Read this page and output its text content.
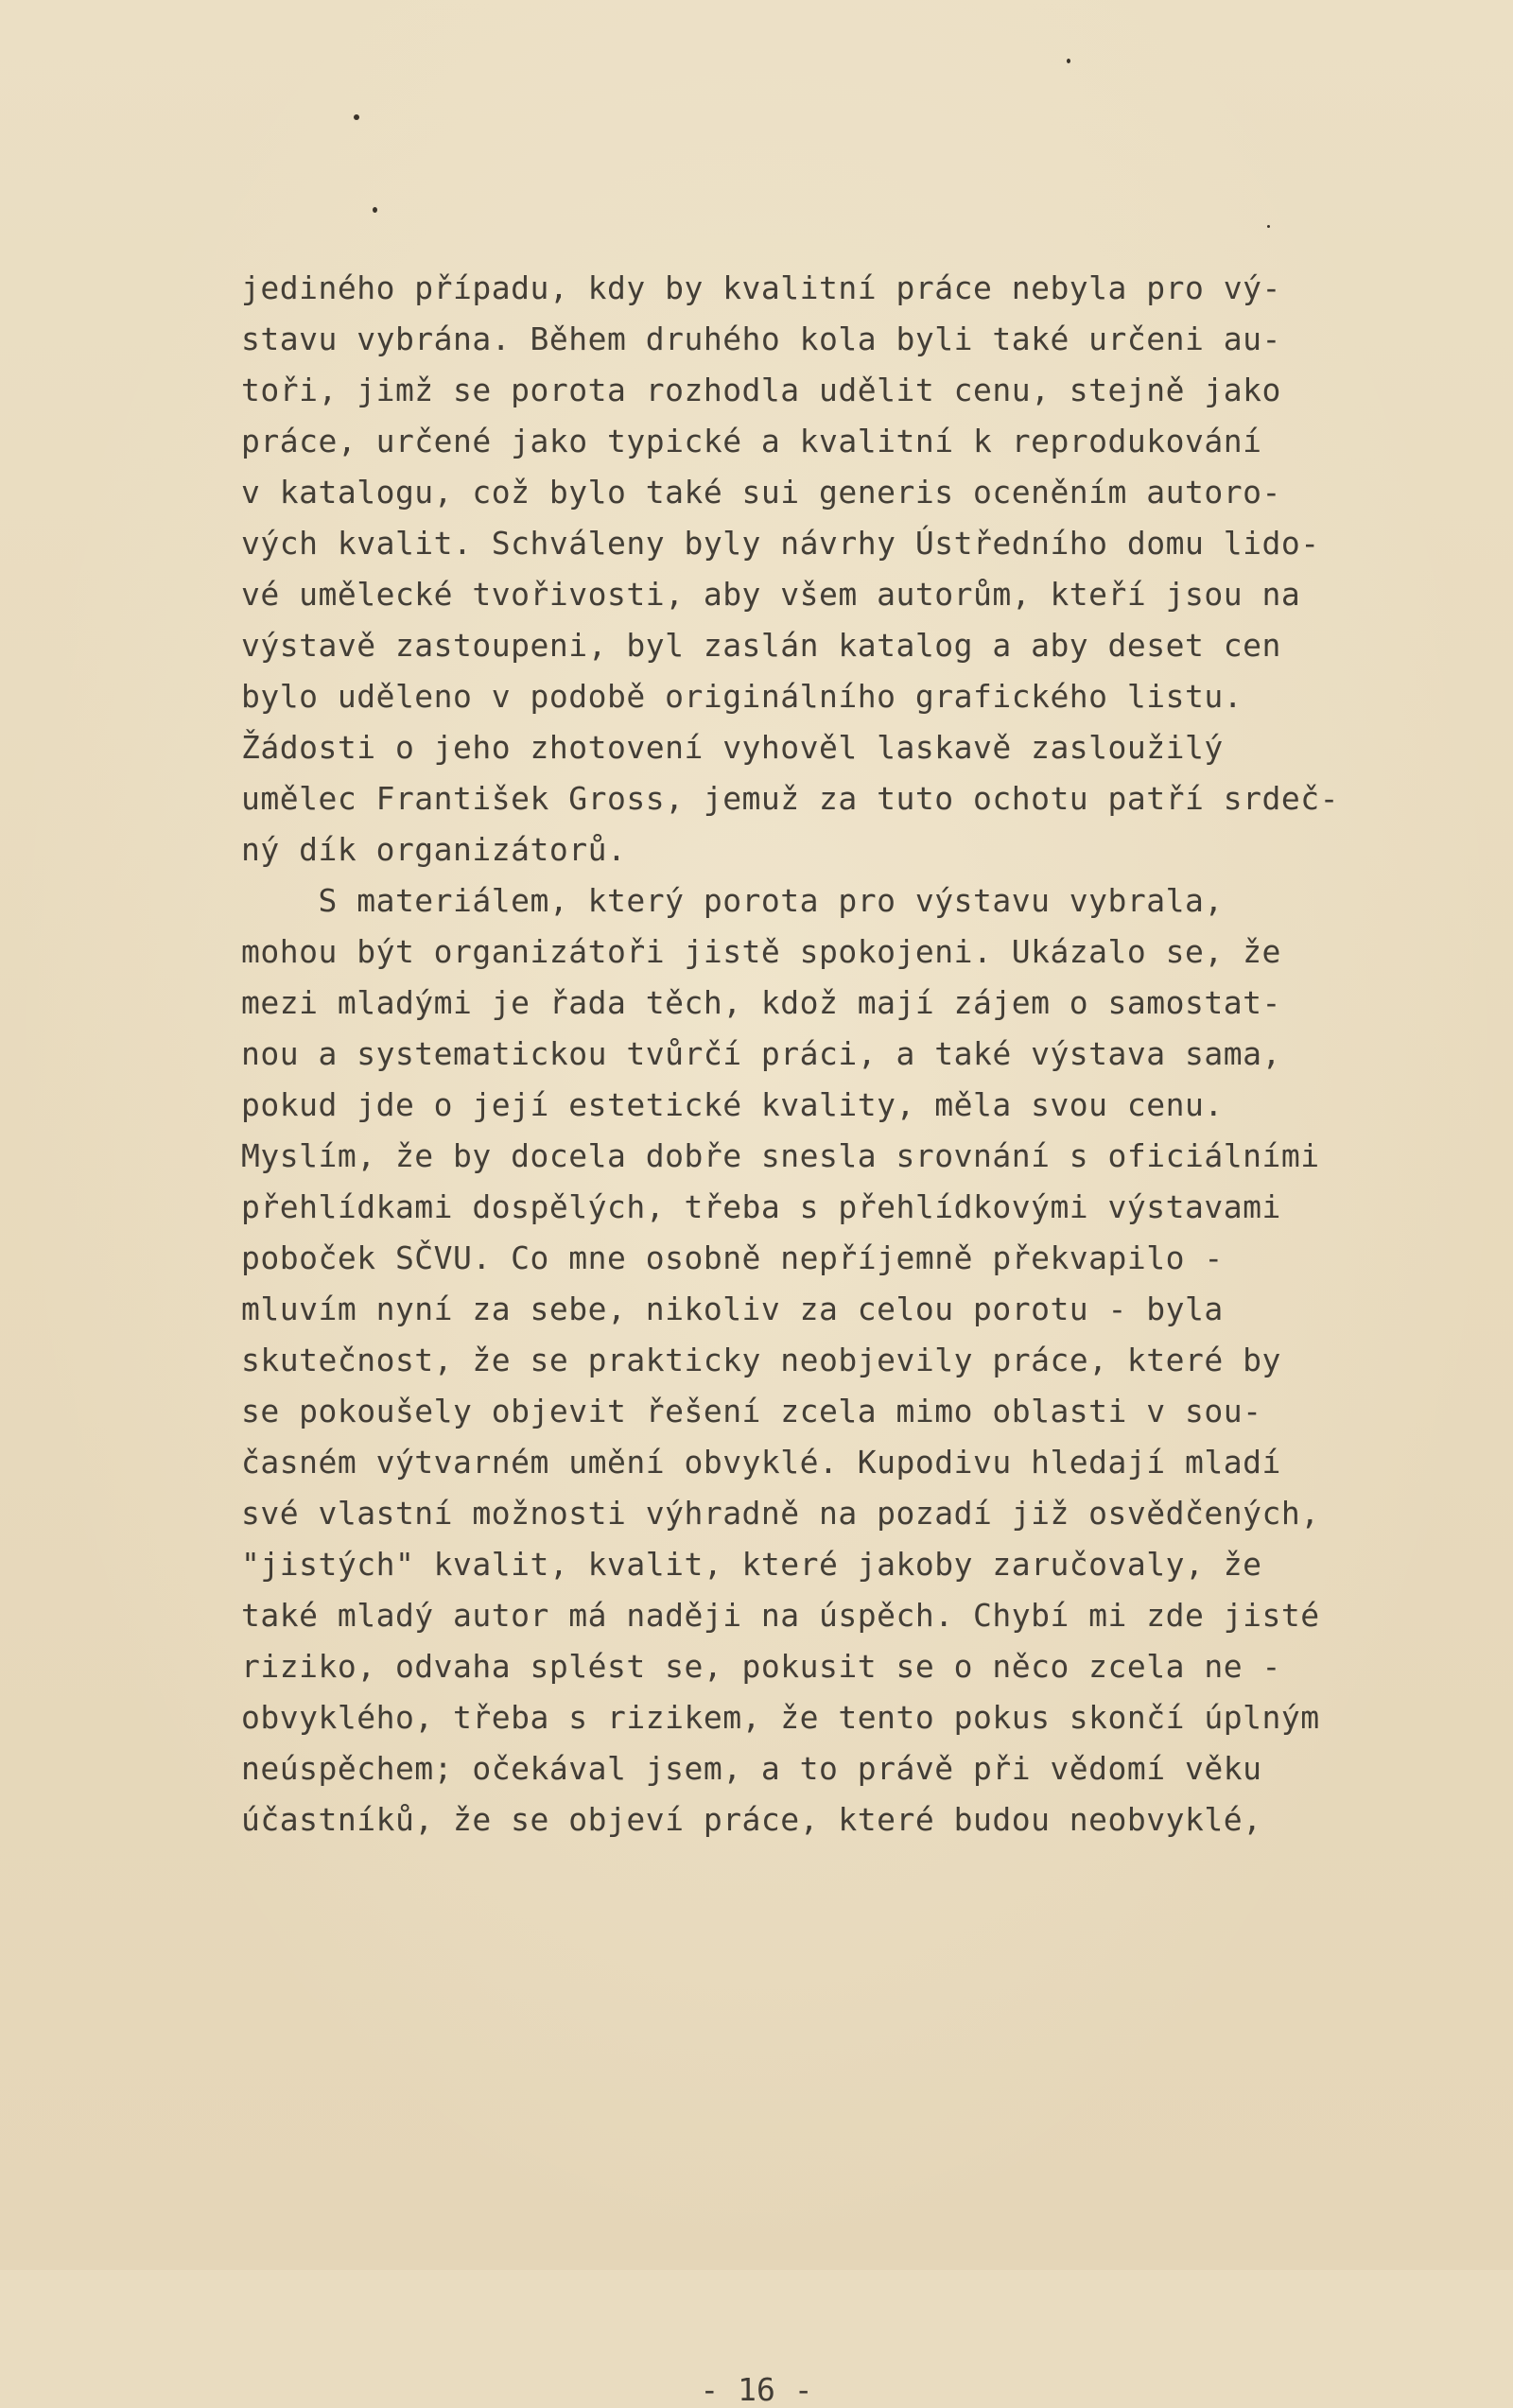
jediného případu, kdy by kvalitní práce nebyla pro vý-
stavu vybrána. Během druhého kola byli také určeni au-
toři, jimž se porota rozhodla udělit cenu, stejně jako
práce, určené jako typické a kvalitní k reprodukování
v katalogu, což bylo také sui generis oceněním autoro-
vých kvalit. Schváleny byly návrhy Ústředního domu lido-
vé umělecké tvořivosti, aby všem autorům, kteří jsou na
výstavě zastoupeni, byl zaslán katalog a aby deset cen
bylo uděleno v podobě originálního grafického listu.
Žádosti o jeho zhotovení vyhověl laskavě zasloužilý
umělec František Gross, jemuž za tuto ochotu patří srdeč-
ný dík organizátorů.
S materiálem, který porota pro výstavu vybrala,
mohou být organizátoři jistě spokojeni. Ukázalo se, že
mezi mladými je řada těch, kdož mají zájem o samostat-
nou a systematickou tvůrčí práci, a také výstava sama,
pokud jde o její estetické kvality, měla svou cenu.
Myslím, že by docela dobře snesla srovnání s oficiálními
přehlídkami dospělých, třeba s přehlídkovými výstavami
poboček SČVU. Co mne osobně nepříjemně překvapilo -
mluvím nyní za sebe, nikoliv za celou porotu - byla
skutečnost, že se prakticky neobjevily práce, které by
se pokoušely objevit řešení zcela mimo oblasti v sou-
časném výtvarném umění obvyklé. Kupodivu hledají mladí
své vlastní možnosti výhradně na pozadí již osvědčených,
"jistých" kvalit, kvalit, které jakoby zaručovaly, že
také mladý autor má naději na úspěch. Chybí mi zde jisté
riziko, odvaha splést se, pokusit se o něco zcela ne -
obvyklého, třeba s rizikem, že tento pokus skončí úplným
neúspěchem; očekával jsem, a to právě při vědomí věku
účastníků, že se objeví práce, které budou neobvyklé,
- 16 -
